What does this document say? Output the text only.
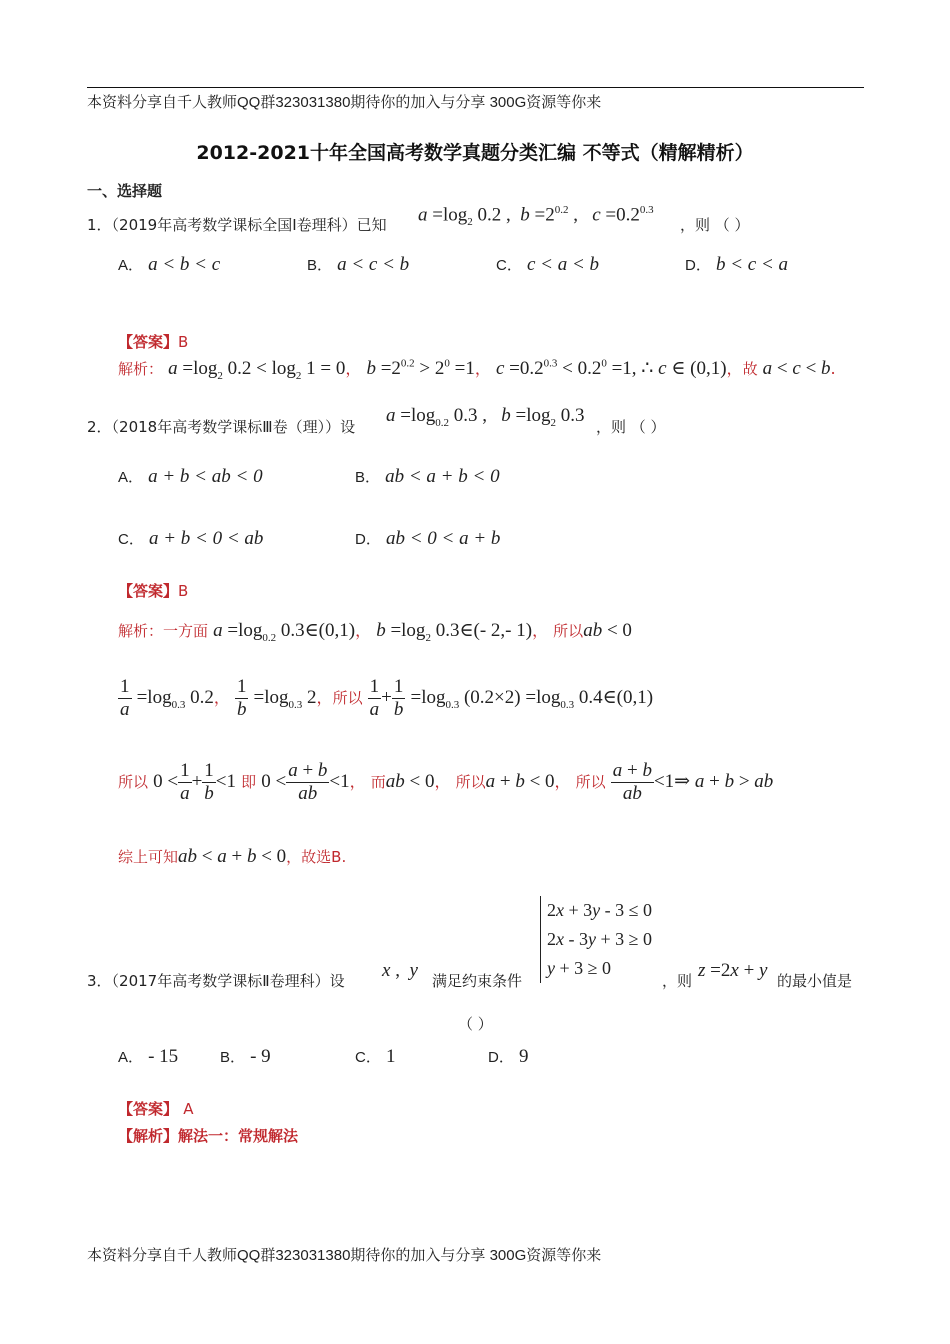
本资料分享自千人教师QQ群323031380期待你的加入与分享 300G资源等你来
2012-2021十年全国高考数学真题分类汇编 不等式（精解精析）
一、选择题
1．（2019年高考数学课标全国Ⅰ卷理科）已知 $a =\log_2$ 0.2 ,  $b =2^{0.2}$ ,   $c =0.2^{0.3}$
，则 （ ）
A． a < b < c	B． a < c < b	C． c < a < b	D． b < c < a
【答案】B
解析： $a =\log_2$ $0.2 < \log_2 1 = 0$， $b =2^{0.2} > 2^0 =1$， $c =0.2^{0.3} < 0.2^0 =1$, ∴ c ∈ (0,1)，故 a < c < b.
2．（2018年高考数学课标Ⅲ卷（理））设
$a =\log_{0.2}$ 0.3 ,   $b =\log_2$ 0.3
，则 （ ）
A． a + b < ab < 0	B． ab < a + b < 0
C． a + b < 0 < ab	D． ab < 0 < a + b
【答案】B
解析：一方面 $a =\log_{0.2}$ 0.3∈(0,1)， $b =\log_2$ 0.3∈(- 2,- 1)， 所以ab < 0
$\frac{1}{a} =\log_{0.3}$ 0.2， $\frac{1}{b} =\log_{0.3}$ 2，所以 $\frac{1}{a} + \frac{1}{b} =\log_{0.3}$ $(0.2\times 2) =\log_{0.3}$ 0.4∈(0,1)
所以 $0 < \frac{1}{a} + \frac{1}{b} <1$ 即 $0 < \frac{a + b}{ab} <1$， 而ab < 0， 所以a + b < 0， 所以 $\frac{a + b}{ab}$ <1⇒ a + b > ab
综上可知ab < a + b < 0，故选B.
2x + 3y - 3 ≤ 0
2x - 3y + 3 ≥ 0
y + 3 ≥ 0
3．（2017年高考数学课标Ⅱ卷理科）设 x ,  y 满足约束条件	，则 z =2x + y 的最小值是
（ ）
A． - 15	B． - 9	C． 1	D． 9
【答案】 A
【解析】解法一：常规解法
本资料分享自千人教师QQ群323031380期待你的加入与分享 300G资源等你来
